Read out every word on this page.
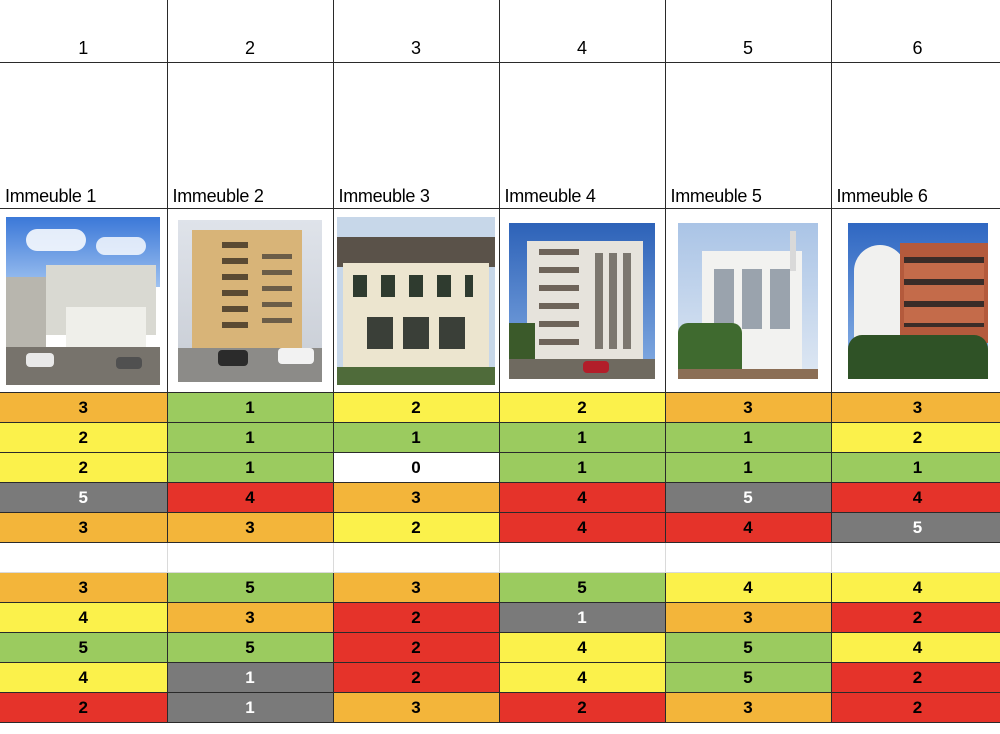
1	2	3	4	5	6

Immeuble 1	Immeuble 2	Immeuble 3	Immeuble 4	Immeuble 5	Immeuble 6

3	1	2	2	3	3
2	1	1	1	1	2
2	1	0	1	1	1
5	4	3	4	5	4
3	3	2	4	4	5

3	5	3	5	4	4
4	3	2	1	3	2
5	5	2	4	5	4
4	1	2	4	5	2
2	1	3	2	3	2
